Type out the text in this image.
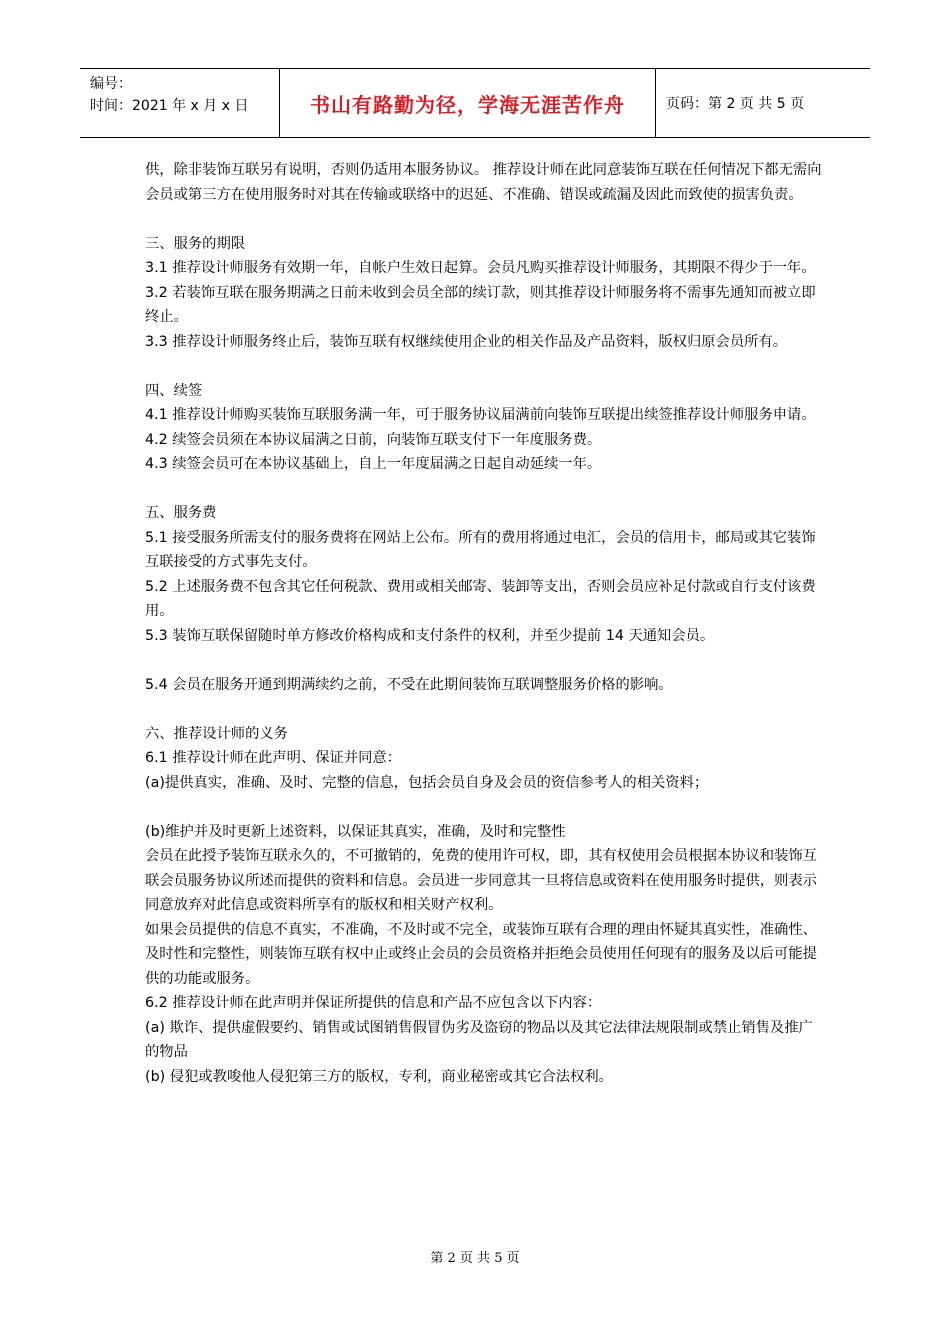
编号：
时间：2021 年 x 月 x 日	书山有路勤为径，学海无涯苦作舟	页码：第 2 页 共 5 页

供，除非装饰互联另有说明，否则仍适用本服务协议。 推荐设计师在此同意装饰互联在任何情况下都无需向会员或第三方在使用服务时对其在传输或联络中的迟延、不准确、错误或疏漏及因此而致使的损害负责。

三、服务的期限

3.1 推荐设计师服务有效期一年，自帐户生效日起算。会员凡购买推荐设计师服务，其期限不得少于一年。

3.2 若装饰互联在服务期满之日前未收到会员全部的续订款，则其推荐设计师服务将不需事先通知而被立即终止。

3.3 推荐设计师服务终止后，装饰互联有权继续使用企业的相关作品及产品资料，版权归原会员所有。

四、续签

4.1 推荐设计师购买装饰互联服务满一年，可于服务协议届满前向装饰互联提出续签推荐设计师服务申请。

4.2 续签会员须在本协议届满之日前，向装饰互联支付下一年度服务费。

4.3 续签会员可在本协议基础上，自上一年度届满之日起自动延续一年。

五、服务费

5.1 接受服务所需支付的服务费将在网站上公布。所有的费用将通过电汇，会员的信用卡，邮局或其它装饰互联接受的方式事先支付。

5.2 上述服务费不包含其它任何税款、费用或相关邮寄、装卸等支出，否则会员应补足付款或自行支付该费用。

5.3 装饰互联保留随时单方修改价格构成和支付条件的权利，并至少提前 14 天通知会员。

5.4 会员在服务开通到期满续约之前，不受在此期间装饰互联调整服务价格的影响。

六、推荐设计师的义务

6.1 推荐设计师在此声明、保证并同意：

(a)提供真实，准确、及时、完整的信息，包括会员自身及会员的资信参考人的相关资料；

(b)维护并及时更新上述资料，以保证其真实，准确，及时和完整性

会员在此授予装饰互联永久的，不可撤销的，免费的使用许可权，即，其有权使用会员根据本协议和装饰互联会员服务协议所述而提供的资料和信息。会员进一步同意其一旦将信息或资料在使用服务时提供，则表示同意放弃对此信息或资料所享有的版权和相关财产权利。

如果会员提供的信息不真实，不准确，不及时或不完全，或装饰互联有合理的理由怀疑其真实性，准确性、及时性和完整性，则装饰互联有权中止或终止会员的会员资格并拒绝会员使用任何现有的服务及以后可能提供的功能或服务。

6.2 推荐设计师在此声明并保证所提供的信息和产品不应包含以下内容：

(a) 欺诈、提供虚假要约、销售或试图销售假冒伪劣及盗窃的物品以及其它法律法规限制或禁止销售及推广的物品

(b) 侵犯或教唆他人侵犯第三方的版权，专利，商业秘密或其它合法权利。

第 2 页 共 5 页
